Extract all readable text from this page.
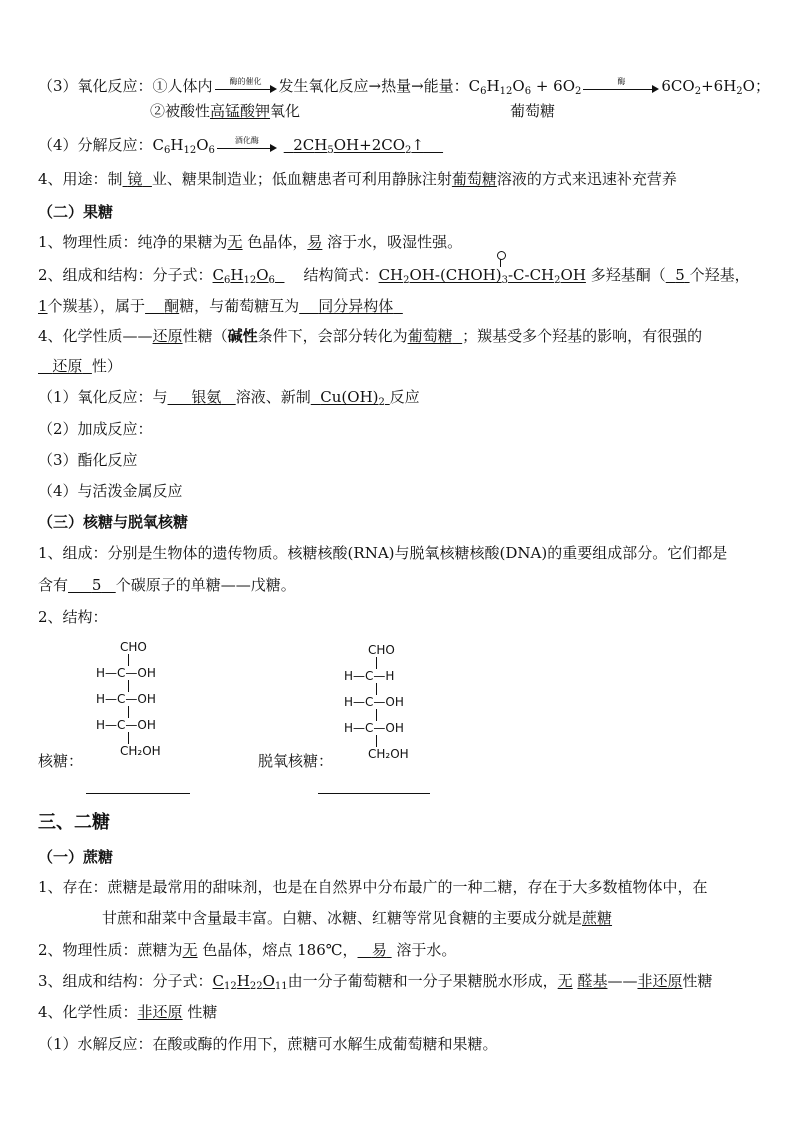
（3）氧化反应：①人体内	酶的催化	发生氧化反应→热量→能量：$C_6H_{12}O_6 + 6O_2$
酶	$6CO_2+6H_2O$；
②被酸性高锰酸钾氧化	葡萄糖
（4）分解反应：$C_6H_{12}O_6$
酒化酶	$2CH_5OH+2CO_2↑$
4、用途：制 镜 业、糖果制造业；低血糖患者可利用静脉注射葡萄糖溶液的方式来迅速补充营养
（二）果糖
1、物理性质：纯净的果糖为无 色晶体，易 溶于水，吸湿性强。
2、组成和结构：分子式：$C_6H_{12}O_6$ 结构简式：$CH_2OH-(CHOH)_3-C-CH_2OH$ 多羟基酮（ 5 个羟基，
1个羰基），属于 酮糖，与葡萄糖互为 同分异构体
4、化学性质——还原性糖（碱性条件下，会部分转化为葡萄糖 ；羰基受多个羟基的影响，有很强的
还原 性）
（1）氧化反应：与 银氨 溶液、新制 $Cu(OH)_2$ 反应
（2）加成反应：
（3）酯化反应
（4）与活泼金属反应
（三）核糖与脱氧核糖
1、组成：分别是生物体的遗传物质。核糖核酸(RNA)与脱氧核糖核酸(DNA)的重要组成部分。它们都是
含有 5 个碳原子的单糖——戊糖。
2、结构：
CHO
H—C—OH
H—C—OH
H—C—OH
CH₂OH
核糖：
CHO
H—C—H
H—C—OH
H—C—OH
CH₂OH
脱氧核糖：
三、二糖
（一）蔗糖
1、存在：蔗糖是最常用的甜味剂，也是在自然界中分布最广的一种二糖，存在于大多数植物体中，在
甘蔗和甜菜中含量最丰富。白糖、冰糖、红糖等常见食糖的主要成分就是蔗糖
2、物理性质：蔗糖为无 色晶体，熔点 186℃， 易 溶于水。
3、组成和结构：分子式：$C_{12}H_{22}O_{11}$由一分子葡萄糖和一分子果糖脱水形成，无 醛基——非还原性糖
4、化学性质：非还原 性糖
（1）水解反应：在酸或酶的作用下，蔗糖可水解生成葡萄糖和果糖。
